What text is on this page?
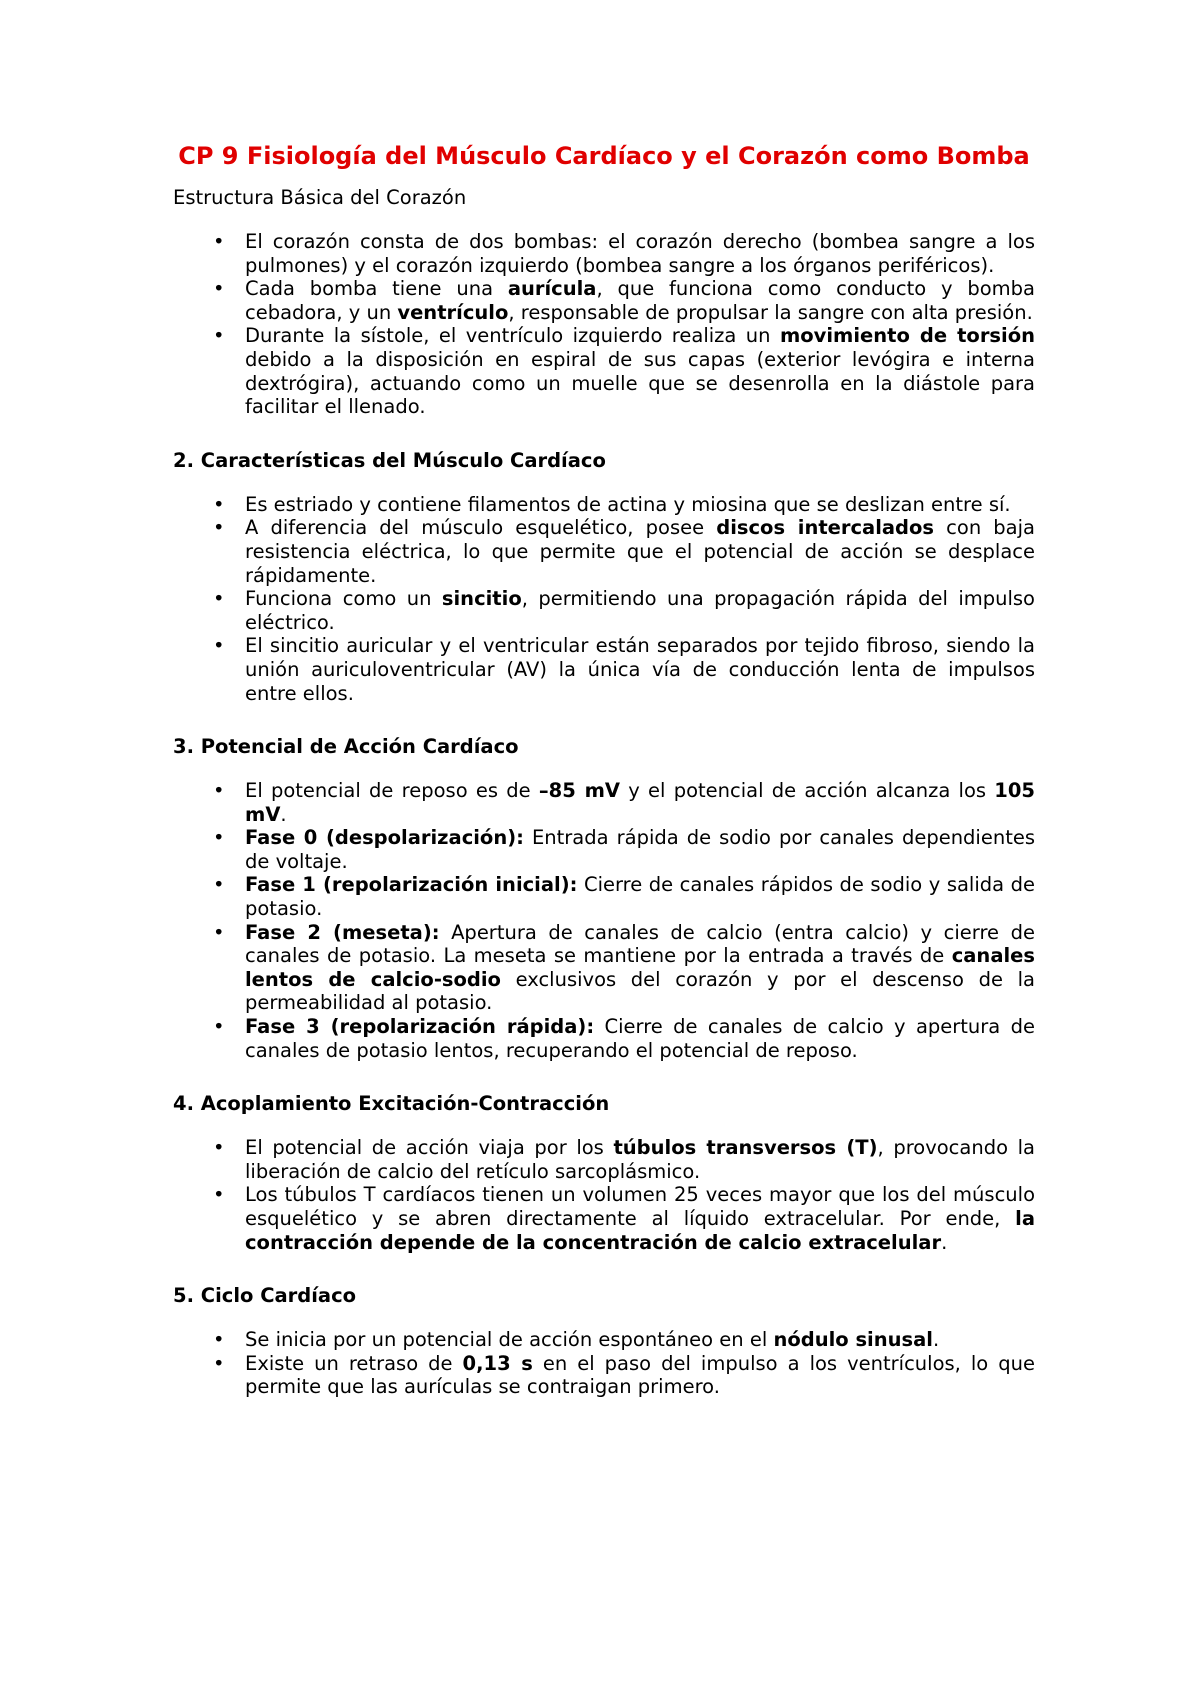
CP 9 Fisiología del Músculo Cardíaco y el Corazón como Bomba
Estructura Básica del Corazón
• El corazón consta de dos bombas: el corazón derecho (bombea sangre a los pulmones) y el corazón izquierdo (bombea sangre a los órganos periféricos).
• Cada bomba tiene una aurícula, que funciona como conducto y bomba cebadora, y un ventrículo, responsable de propulsar la sangre con alta presión.
• Durante la sístole, el ventrículo izquierdo realiza un movimiento de torsión debido a la disposición en espiral de sus capas (exterior levógira e interna dextrógira), actuando como un muelle que se desenrolla en la diástole para facilitar el llenado.
2. Características del Músculo Cardíaco
• Es estriado y contiene filamentos de actina y miosina que se deslizan entre sí.
• A diferencia del músculo esquelético, posee discos intercalados con baja resistencia eléctrica, lo que permite que el potencial de acción se desplace rápidamente.
• Funciona como un sincitio, permitiendo una propagación rápida del impulso eléctrico.
• El sincitio auricular y el ventricular están separados por tejido fibroso, siendo la unión auriculoventricular (AV) la única vía de conducción lenta de impulsos entre ellos.
3. Potencial de Acción Cardíaco
• El potencial de reposo es de –85 mV y el potencial de acción alcanza los 105 mV.
• Fase 0 (despolarización): Entrada rápida de sodio por canales dependientes de voltaje.
• Fase 1 (repolarización inicial): Cierre de canales rápidos de sodio y salida de potasio.
• Fase 2 (meseta): Apertura de canales de calcio (entra calcio) y cierre de canales de potasio. La meseta se mantiene por la entrada a través de canales lentos de calcio-sodio exclusivos del corazón y por el descenso de la permeabilidad al potasio.
• Fase 3 (repolarización rápida): Cierre de canales de calcio y apertura de canales de potasio lentos, recuperando el potencial de reposo.
4. Acoplamiento Excitación-Contracción
• El potencial de acción viaja por los túbulos transversos (T), provocando la liberación de calcio del retículo sarcoplásmico.
• Los túbulos T cardíacos tienen un volumen 25 veces mayor que los del músculo esquelético y se abren directamente al líquido extracelular. Por ende, la contracción depende de la concentración de calcio extracelular.
5. Ciclo Cardíaco
• Se inicia por un potencial de acción espontáneo en el nódulo sinusal.
• Existe un retraso de 0,13 s en el paso del impulso a los ventrículos, lo que permite que las aurículas se contraigan primero.
